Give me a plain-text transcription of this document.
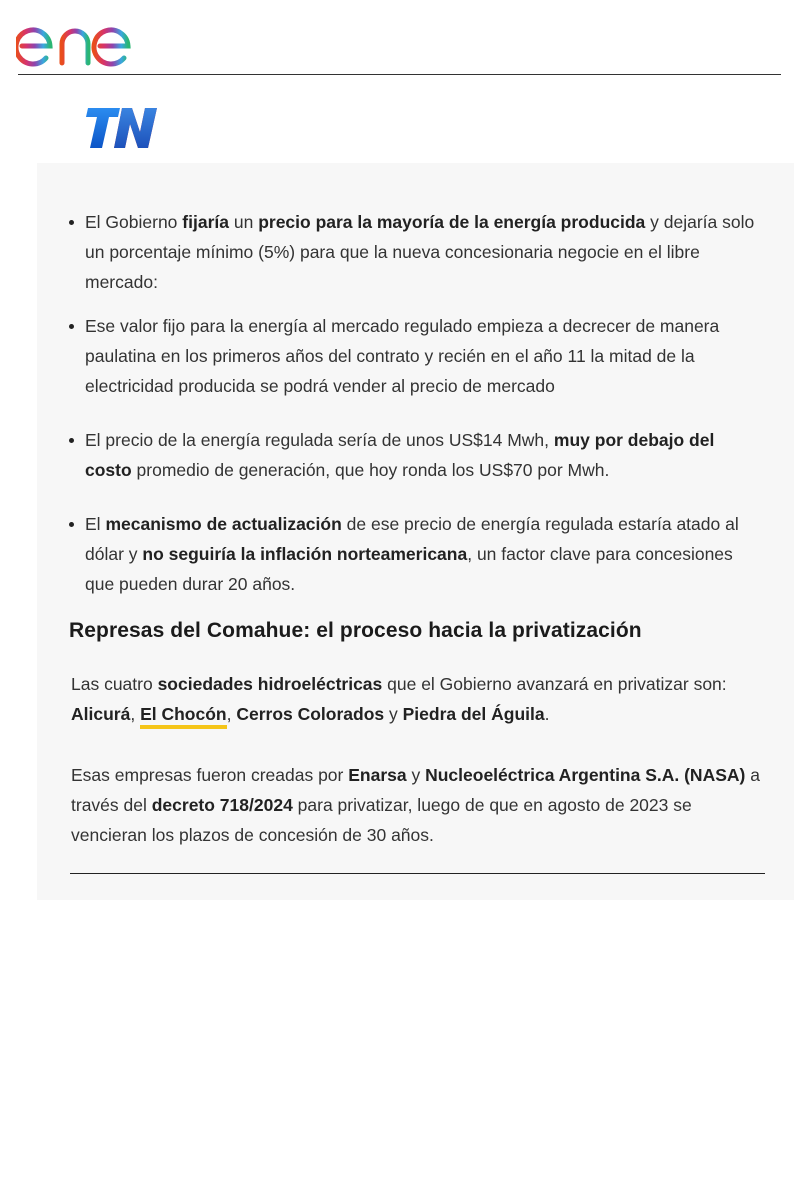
El Gobierno fijaría un precio para la mayoría de la energía producida y dejaría solo un porcentaje mínimo (5%) para que la nueva concesionaria negocie en el libre mercado:
Ese valor fijo para la energía al mercado regulado empieza a decrecer de manera paulatina en los primeros años del contrato y recién en el año 11 la mitad de la electricidad producida se podrá vender al precio de mercado
El precio de la energía regulada sería de unos US$14 Mwh, muy por debajo del costo promedio de generación, que hoy ronda los US$70 por Mwh.
El mecanismo de actualización de ese precio de energía regulada estaría atado al dólar y no seguiría la inflación norteamericana, un factor clave para concesiones que pueden durar 20 años.
Represas del Comahue: el proceso hacia la privatización

Las cuatro sociedades hidroeléctricas que el Gobierno avanzará en privatizar son: Alicurá, El Chocón, Cerros Colorados y Piedra del Águila.

Esas empresas fueron creadas por Enarsa y Nucleoeléctrica Argentina S.A. (NASA) a través del decreto 718/2024 para privatizar, luego de que en agosto de 2023 se vencieran los plazos de concesión de 30 años.
